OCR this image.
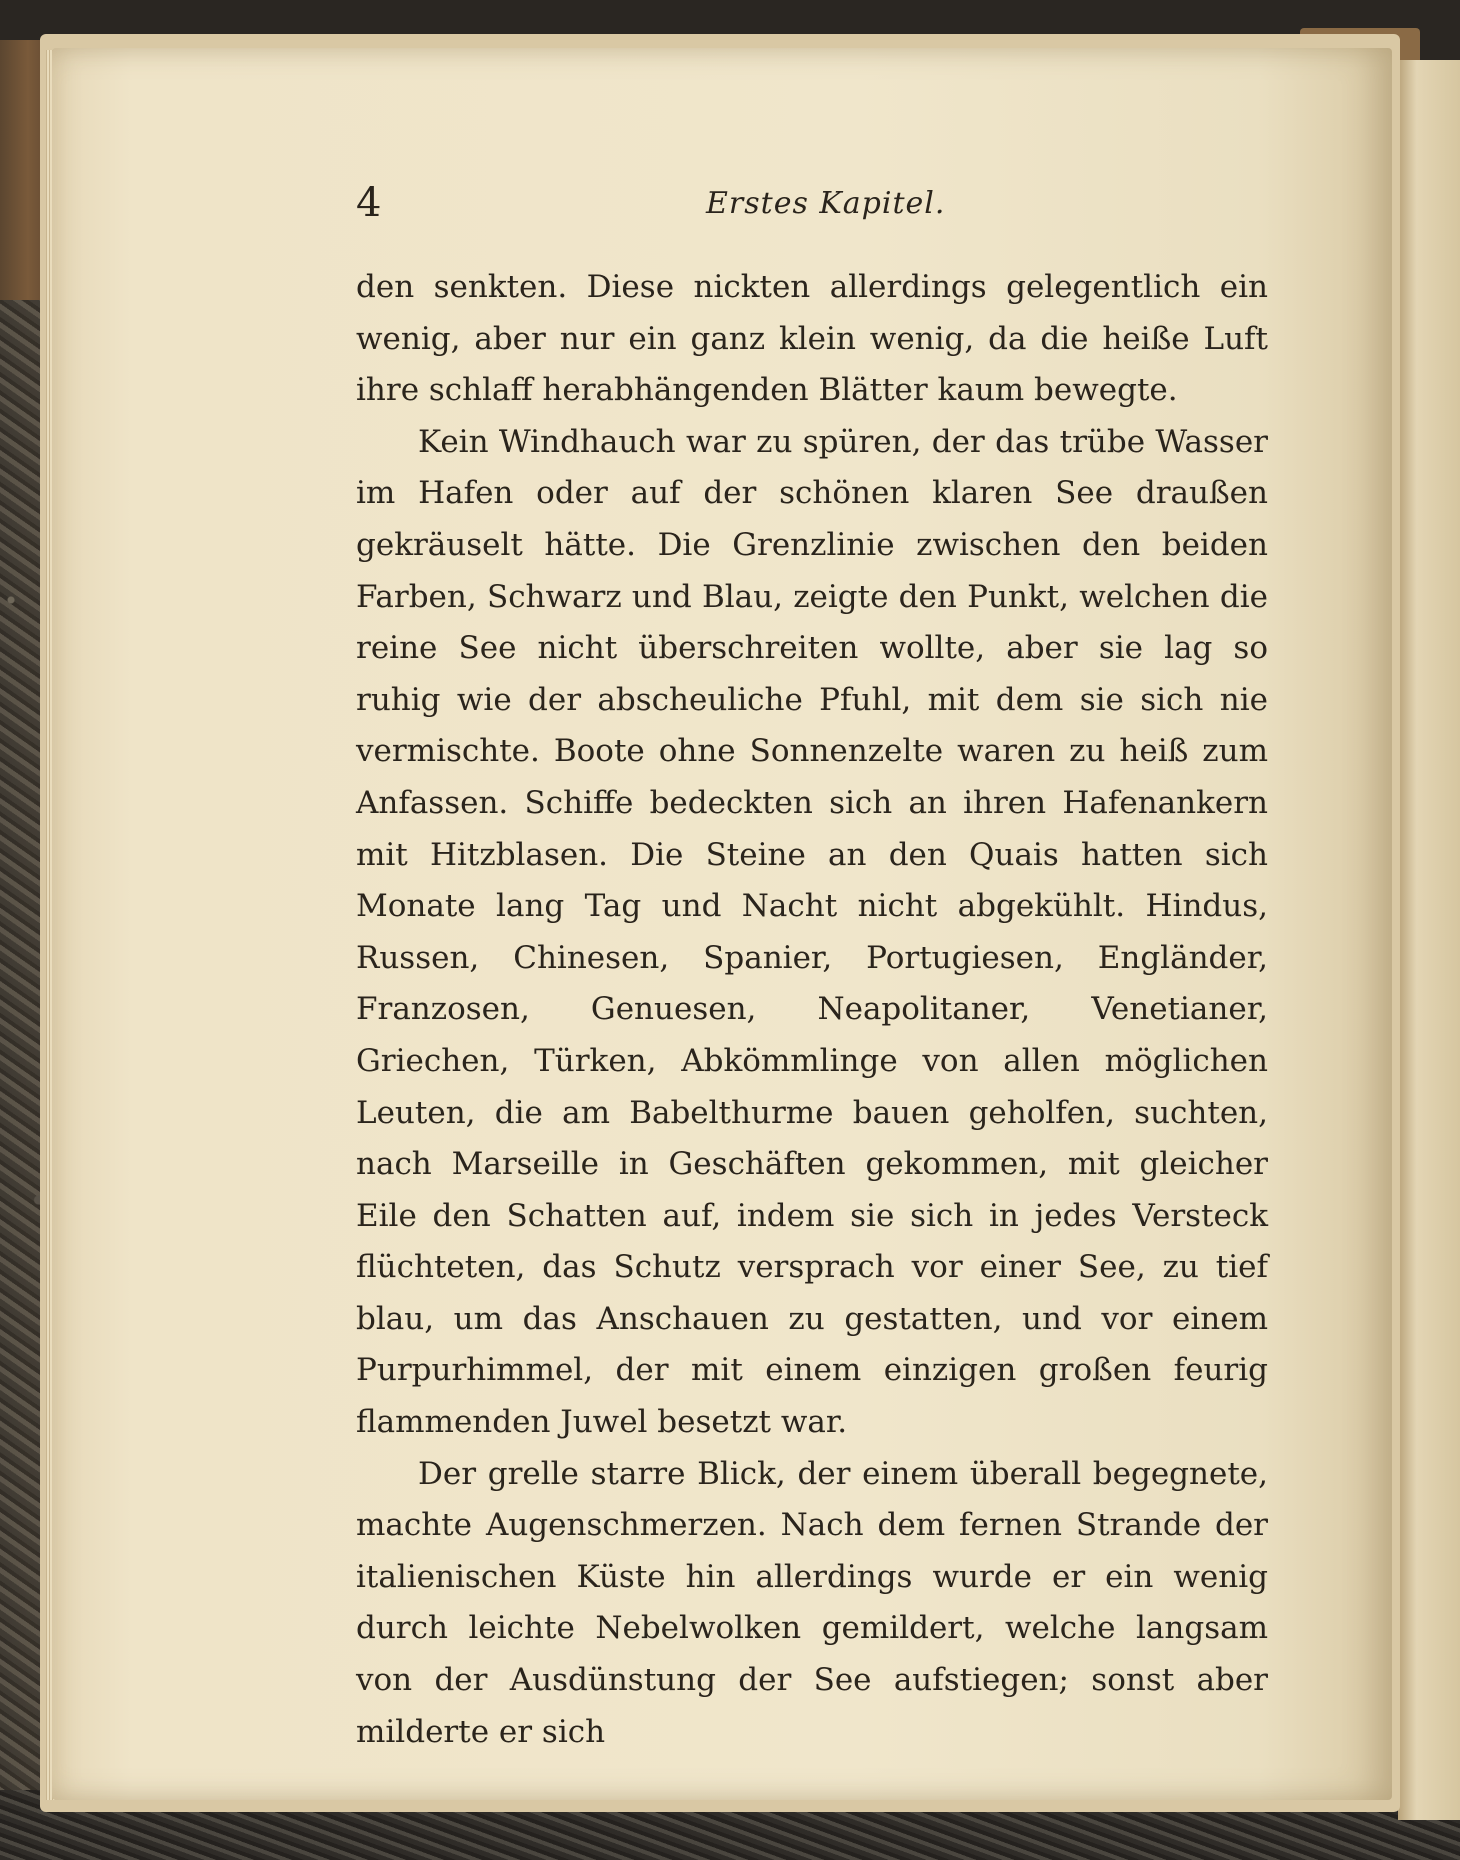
4	Erstes Kapitel.

den senkten. Diese nickten allerdings gelegentlich ein wenig, aber nur ein ganz klein wenig, da die heiße Luft ihre schlaff herabhängenden Blätter kaum bewegte.

Kein Windhauch war zu spüren, der das trübe Wasser im Hafen oder auf der schönen klaren See draußen gekräuselt hätte. Die Grenzlinie zwischen den beiden Farben, Schwarz und Blau, zeigte den Punkt, welchen die reine See nicht überschreiten wollte, aber sie lag so ruhig wie der abscheuliche Pfuhl, mit dem sie sich nie vermischte. Boote ohne Sonnenzelte waren zu heiß zum Anfassen. Schiffe bedeckten sich an ihren Hafenankern mit Hitzblasen. Die Steine an den Quais hatten sich Monate lang Tag und Nacht nicht abgekühlt. Hindus, Russen, Chinesen, Spanier, Portugiesen, Engländer, Franzosen, Genuesen, Neapolitaner, Venetianer, Griechen, Türken, Abkömmlinge von allen möglichen Leuten, die am Babelthurme bauen geholfen, suchten, nach Marseille in Geschäften gekommen, mit gleicher Eile den Schatten auf, indem sie sich in jedes Versteck flüchteten, das Schutz versprach vor einer See, zu tief blau, um das Anschauen zu gestatten, und vor einem Purpurhimmel, der mit einem einzigen großen feurig flammenden Juwel besetzt war.

Der grelle starre Blick, der einem überall begegnete, machte Augenschmerzen. Nach dem fernen Strande der italienischen Küste hin allerdings wurde er ein wenig durch leichte Nebelwolken gemildert, welche langsam von der Ausdünstung der See aufstiegen; sonst aber milderte er sich
